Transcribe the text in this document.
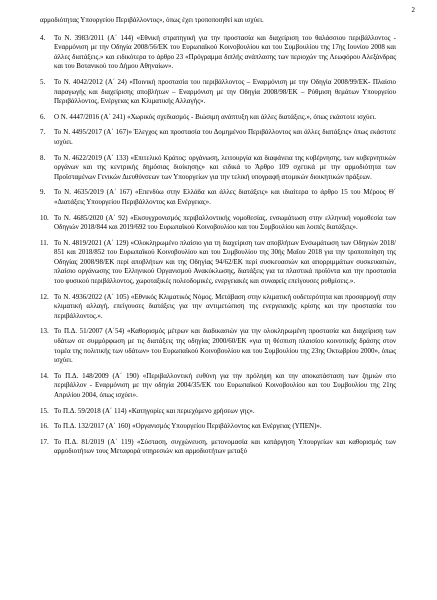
2

αρμοδιότητας Υπουργείου Περιβάλλοντος», όπως έχει τροποποιηθεί και ισχύει.

4. Το Ν. 3983/2011 (Α΄ 144) «Εθνική στρατηγική για την προστασία και διαχείριση του θαλάσσιου περιβάλλοντος - Εναρμόνιση με την Οδηγία 2008/56/ΕΚ του Ευρωπαϊκού Κοινοβουλίου και του Συμβουλίου της 17ης Ιουνίου 2008 και άλλες διατάξεις.» και ειδικότερα το άρθρο 23 «Πρόγραμμα διπλής ανάπλασης των περιοχών της Λεωφόρου Αλεξάνδρας και του Βοτανικού του Δήμου Αθηναίων».
5. Το Ν. 4042/2012 (Α΄ 24) «Ποινική προστασία του περιβάλλοντος – Εναρμόνιση με την Οδηγία 2008/99/ΕΚ- Πλαίσιο παραγωγής και διαχείρισης αποβλήτων – Εναρμόνιση με την Οδηγία 2008/98/ΕΚ – Ρύθμιση θεμάτων Υπουργείου Περιβάλλοντος, Ενέργειας και Κλιματικής Αλλαγής».
6. Ο Ν. 4447/2016 (Α΄ 241) «Χωρικός σχεδιασμός - Βιώσιμη ανάπτυξη και άλλες διατάξεις.», όπως εκάστοτε ισχύει.
7. Το Ν. 4495/2017 (Α΄ 167)» Έλεγχος και προστασία του Δομημένου Περιβάλλοντος και άλλες διατάξεις» όπως εκάστοτε ισχύει.
8. Το Ν. 4622/2019 (Α΄ 133) «Επιτελικό Κράτος: οργάνωση, λειτουργία και διαφάνεια της κυβέρνησης, των κυβερνητικών οργάνων και της κεντρικής δημόσιας διοίκησης» και ειδικά το Άρθρο 109 σχετικά με την αρμοδιότητα των Προϊσταμένων Γενικών Διευθύνσεων των Υπουργείων για την τελική υπογραφή ατομικών διοικητικών πράξεων.
9. Το Ν. 4635/2019 (Α΄ 167) «Επενδύω στην Ελλάδα και άλλες διατάξεις» και ιδιαίτερα το άρθρο 15 του Μέρους Θ΄ «Διατάξεις Υπουργείου Περιβάλλοντος και Ενέργειας».
10. Το Ν. 4685/2020 (Α΄ 92) «Εκσυγχρονισμός περιβαλλοντικής νομοθεσίας, ενσωμάτωση στην ελληνική νομοθεσία των Οδηγιών 2018/844 και 2019/692 του Ευρωπαϊκού Κοινοβουλίου και του Συμβουλίου και λοιπές διατάξεις».
11. Το Ν. 4819/2021 (Α΄ 129) «Ολοκληρωμένο πλαίσιο για τη διαχείριση των αποβλήτων Ενσωμάτωση των Οδηγιών 2018/ 851 και 2018/852 του Ευρωπαϊκού Κοινοβουλίου και του Συμβουλίου της 30ής Μαΐου 2018 για την τροποποίηση της Οδηγίας 2008/98/ΕΚ περί αποβλήτων και της Οδηγίας 94/62/ΕΚ περί συσκευασιών και απορριμμάτων συσκευασιών, πλαίσιο οργάνωσης του Ελληνικού Οργανισμού Ανακύκλωσης, διατάξεις για τα πλαστικά προϊόντα και την προστασία του φυσικού περιβάλλοντος, χωροταξικές πολεοδομικές, ενεργειακές και συναφείς επείγουσες ρυθμίσεις.».
12. Το Ν. 4936/2022 (Α΄ 105) «Εθνικός Κλιματικός Νόμος. Μετάβαση στην κλιματική ουδετερότητα και προσαρμογή στην κλιματική αλλαγή, επείγουσες διατάξεις για την αντιμετώπιση της ενεργειακής κρίσης και την προστασία του περιβάλλοντος.».
13. Το Π.Δ. 51/2007 (Α΄54) «Καθορισμός μέτρων και διαδικασιών για την ολοκληρωμένη προστασία και διαχείριση των υδάτων σε συμμόρφωση με τις διατάξεις της οδηγίας 2000/60/ΕΚ «για τη θέσπιση πλαισίου κοινοτικής δράσης στον τομέα της πολιτικής των υδάτων» του Ευρωπαϊκού Κοινοβουλίου και του Συμβουλίου της 23ης Οκτωβρίου 2000», όπως ισχύει.
14. Το Π.Δ. 148/2009 (Α΄ 190) «Περιβαλλοντική ευθύνη για την πρόληψη και την αποκατάσταση των ζημιών στο περιβάλλον - Εναρμόνιση με την οδηγία 2004/35/ΕΚ του Ευρωπαϊκού Κοινοβουλίου και του Συμβουλίου της 21ης Απριλίου 2004, όπως ισχύει».
15. Το Π.Δ. 59/2018 (Α΄ 114) «Κατηγορίες και περιεχόμενο χρήσεων γης».
16. Το Π.Δ. 132/2017 (Α΄ 160) «Οργανισμός Υπουργείου Περιβάλλοντος και Ενέργειας (ΥΠΕΝ)».
17. Το Π.Δ. 81/2019 (Α΄ 119) «Σύσταση, συγχώνευση, μετονομασία και κατάργηση Υπουργείων και καθορισμός των αρμοδιοτήτων τους Μεταφορά υπηρεσιών και αρμοδιοτήτων μεταξύ
